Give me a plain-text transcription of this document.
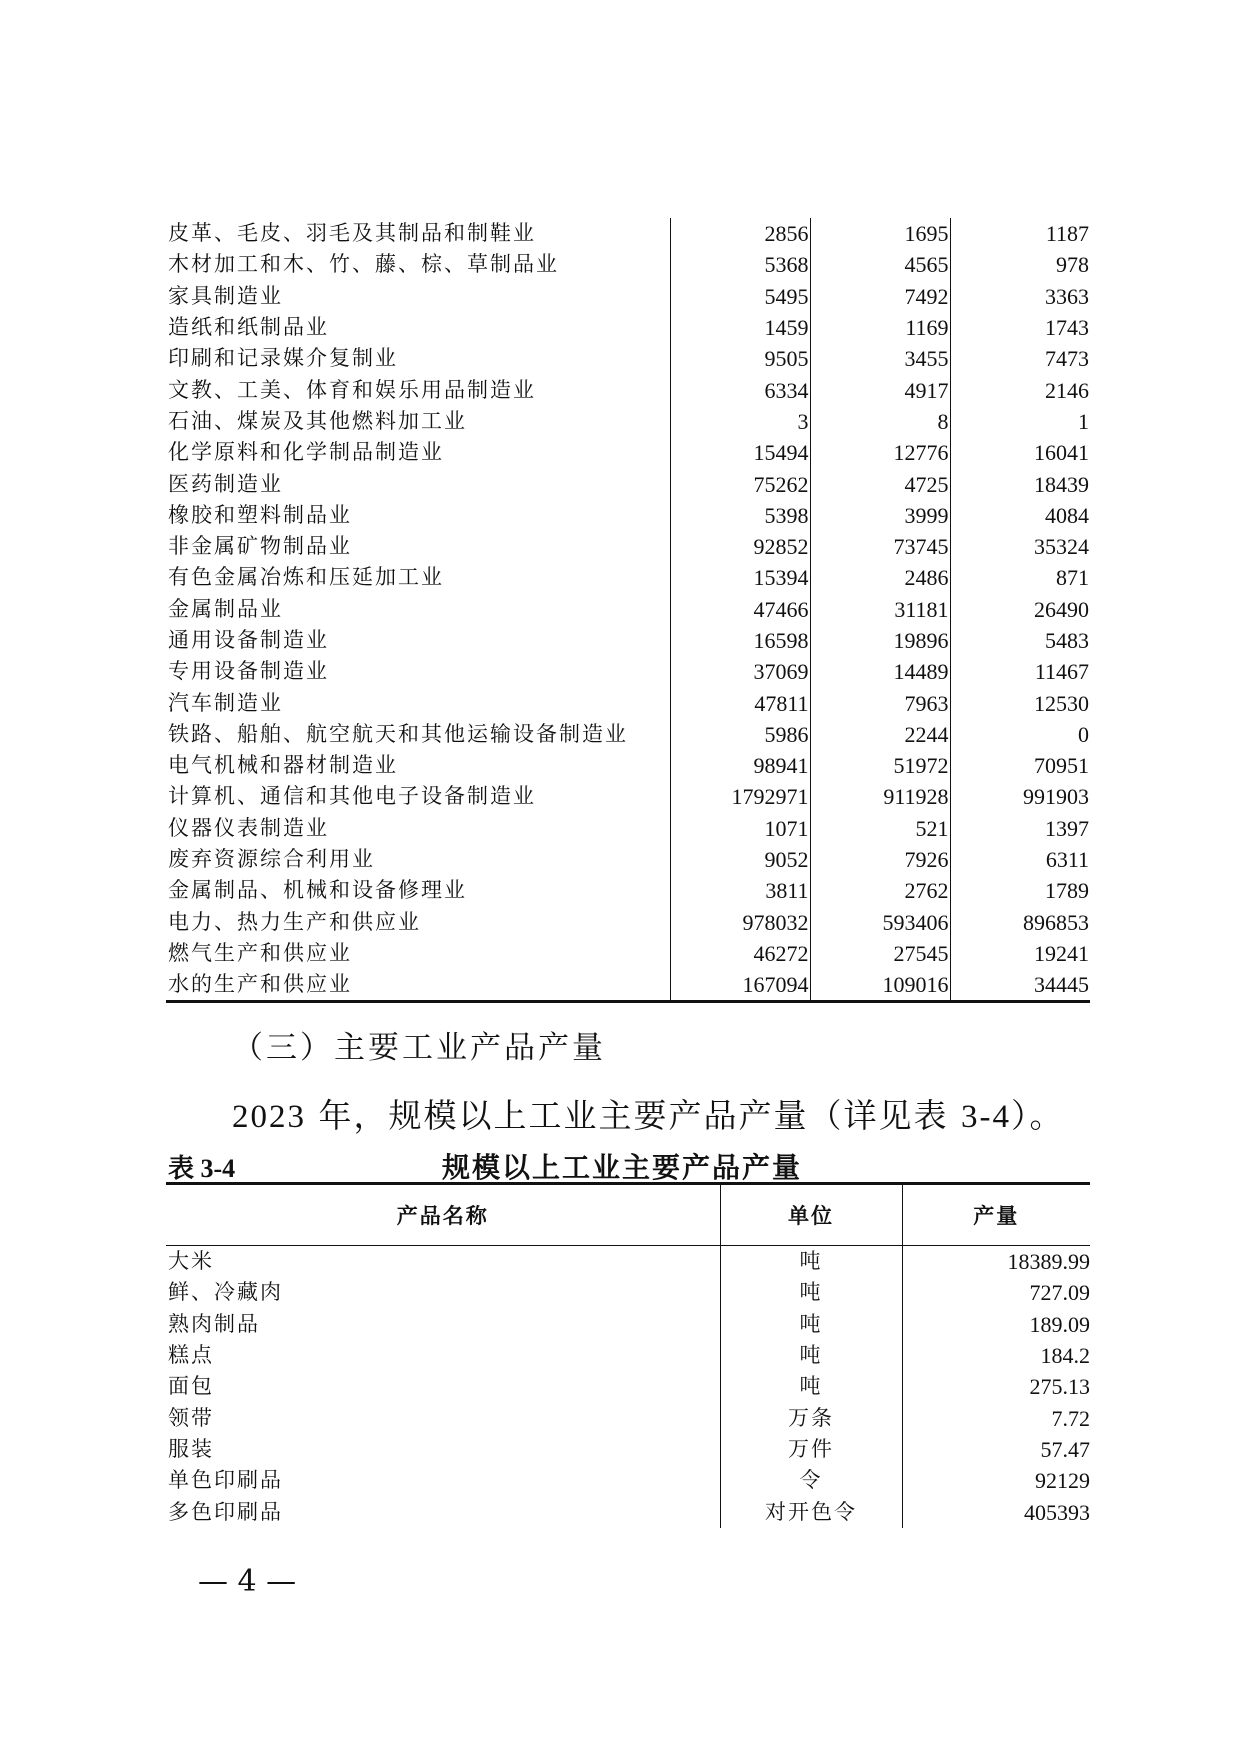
皮革、毛皮、羽毛及其制品和制鞋业	2856	1695	1187
木材加工和木、竹、藤、棕、草制品业	5368	4565	978
家具制造业	5495	7492	3363
造纸和纸制品业	1459	1169	1743
印刷和记录媒介复制业	9505	3455	7473
文教、工美、体育和娱乐用品制造业	6334	4917	2146
石油、煤炭及其他燃料加工业	3	8	1
化学原料和化学制品制造业	15494	12776	16041
医药制造业	75262	4725	18439
橡胶和塑料制品业	5398	3999	4084
非金属矿物制品业	92852	73745	35324
有色金属冶炼和压延加工业	15394	2486	871
金属制品业	47466	31181	26490
通用设备制造业	16598	19896	5483
专用设备制造业	37069	14489	11467
汽车制造业	47811	7963	12530
铁路、船舶、航空航天和其他运输设备制造业	5986	2244	0
电气机械和器材制造业	98941	51972	70951
计算机、通信和其他电子设备制造业	1792971	911928	991903
仪器仪表制造业	1071	521	1397
废弃资源综合利用业	9052	7926	6311
金属制品、机械和设备修理业	3811	2762	1789
电力、热力生产和供应业	978032	593406	896853
燃气生产和供应业	46272	27545	19241
水的生产和供应业	167094	109016	34445
（三）主要工业产品产量
2023 年，规模以上工业主要产品产量（详见表 3-4）。
表 3-4	规模以上工业主要产品产量
产品名称	单位	产量
大米	吨	18389.99
鲜、冷藏肉	吨	727.09
熟肉制品	吨	189.09
糕点	吨	184.2
面包	吨	275.13
领带	万条	7.72
服装	万件	57.47
单色印刷品	令	92129
多色印刷品	对开色令	405393
— 4 —
